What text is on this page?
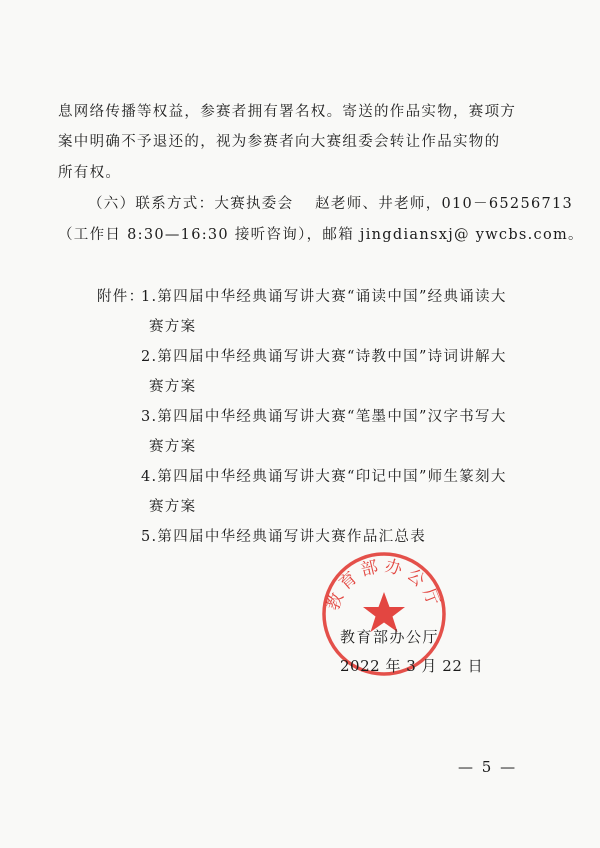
息网络传播等权益，参赛者拥有署名权。寄送的作品实物，赛项方
案中明确不予退还的，视为参赛者向大赛组委会转让作品实物的
所有权。
（六）联系方式：大赛执委会　 赵老师、井老师，010－65256713
（工作日 8:30—16:30 接听咨询），邮箱 jingdiansxj@ ywcbs.com。
附件：
1.第四届中华经典诵写讲大赛“诵读中国”经典诵读大
赛方案
2.第四届中华经典诵写讲大赛“诗教中国”诗词讲解大
赛方案
3.第四届中华经典诵写讲大赛“笔墨中国”汉字书写大
赛方案
4.第四届中华经典诵写讲大赛“印记中国”师生篆刻大
赛方案
5.第四届中华经典诵写讲大赛作品汇总表
教育部办公厅
教育部办公厅
2022 年 3 月 22 日
— 5 —
